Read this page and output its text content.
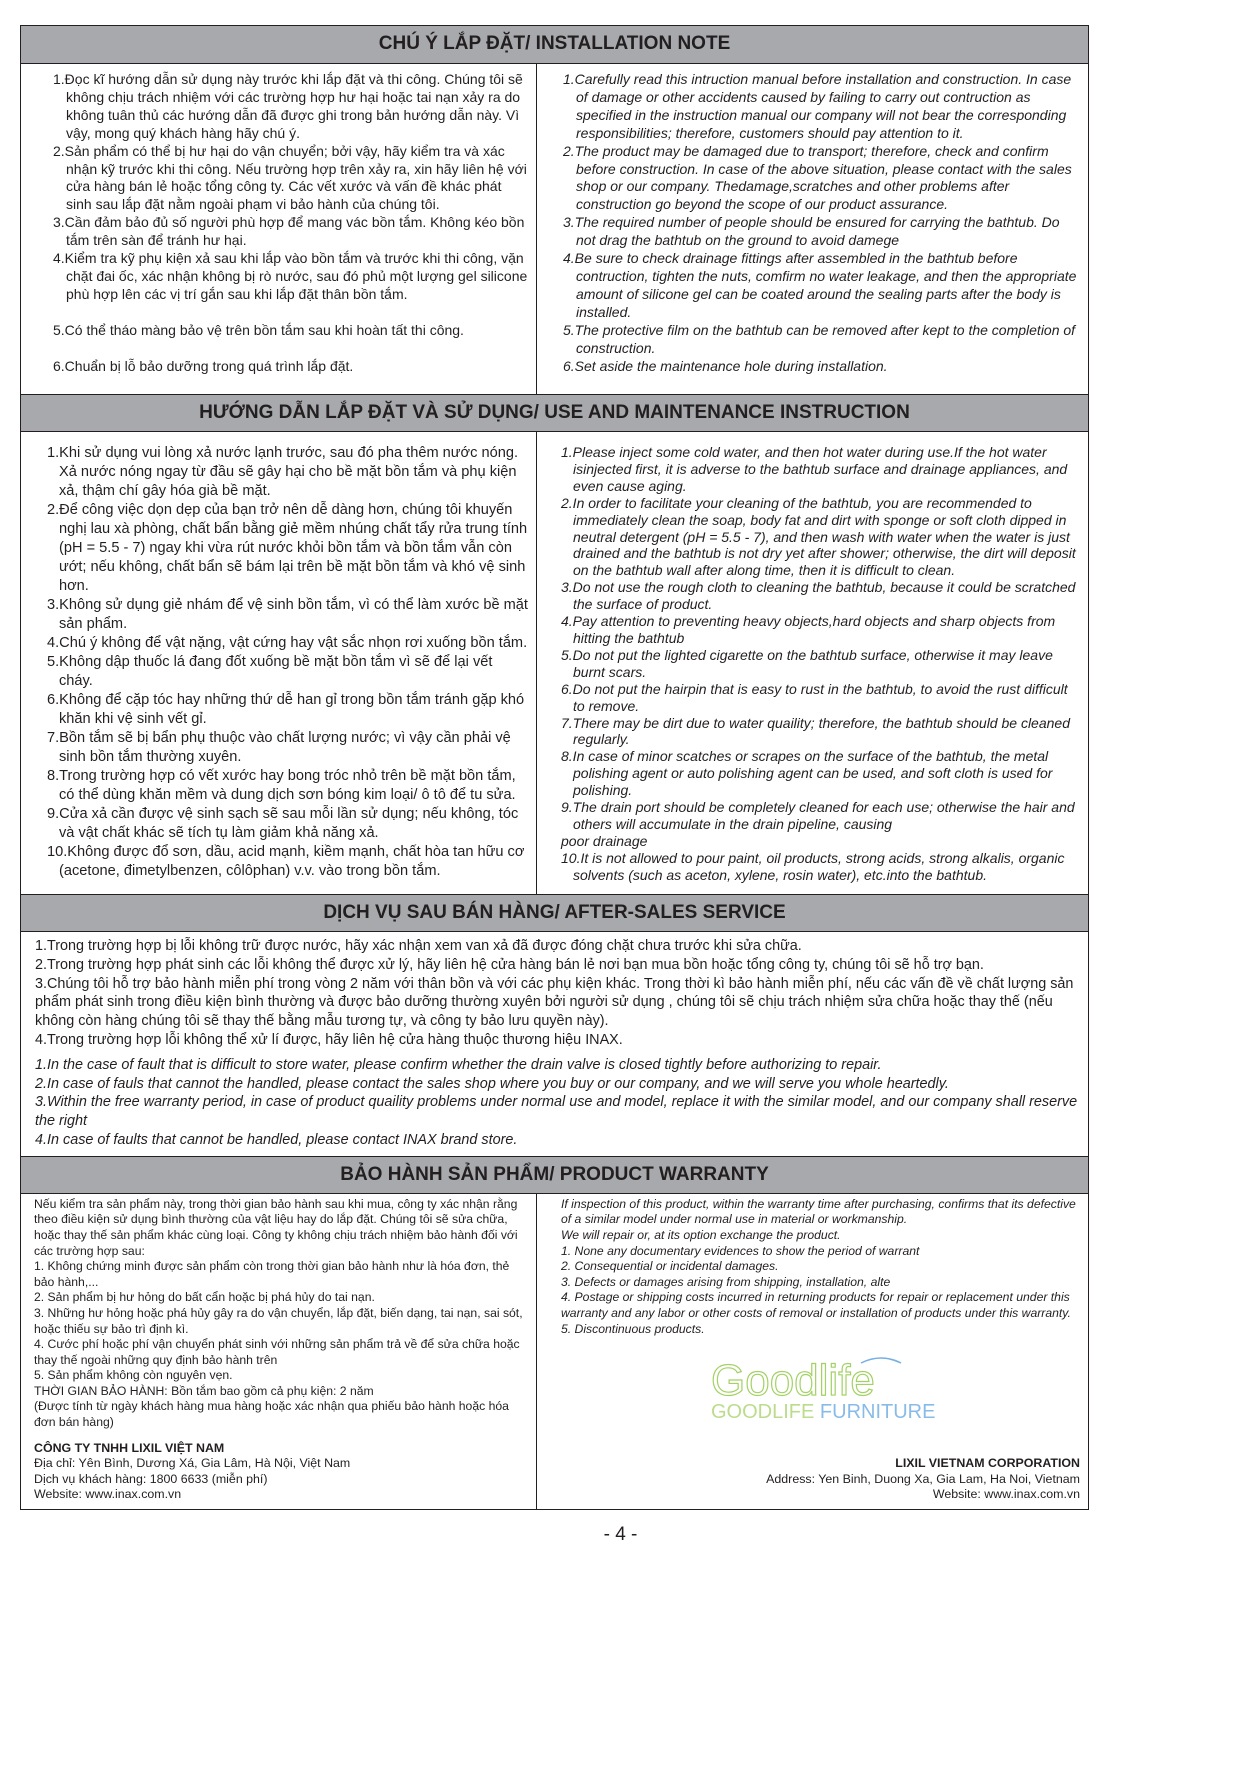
CHÚ Ý LẮP ĐẶT/ INSTALLATION NOTE
1.Đọc kĩ hướng dẫn sử dụng này trước khi lắp đặt và thi công. Chúng tôi sẽ không chịu trách nhiệm với các trường hợp hư hại hoặc tai nạn xảy ra do không tuân thủ các hướng dẫn đã được ghi trong bản hướng dẫn này. Vì vậy, mong quý khách hàng hãy chú ý.
2.Sản phẩm có thể bị hư hại do vận chuyển; bởi vậy, hãy kiểm tra và xác nhận kỹ trước khi thi công. Nếu trường hợp trên xảy ra, xin hãy liên hệ với cửa hàng bán lẻ hoặc tổng công ty. Các vết xước và vấn đề khác phát sinh sau lắp đặt nằm ngoài phạm vi bảo hành của chúng tôi.
3.Cần đảm bảo đủ số người phù hợp để mang vác bồn tắm. Không kéo bồn tắm trên sàn để tránh hư hại.
4.Kiểm tra kỹ phụ kiện xả sau khi lắp vào bồn tắm và trước khi thi công, vặn chặt đai ốc, xác nhận không bị rò nước, sau đó phủ một lượng gel silicone phù hợp lên các vị trí gắn sau khi lắp đặt thân bồn tắm.
5.Có thể tháo màng bảo vệ trên bồn tắm sau khi hoàn tất thi công.
6.Chuẩn bị lỗ bảo dưỡng trong quá trình lắp đặt.
1.Carefully read this intruction manual before installation and construction. In case of damage or other accidents caused by failing to carry out contruction as specified in the instruction manual our company will not bear the corresponding responsibilities; therefore, customers should pay attention to it.
2.The product may be damaged due to transport; therefore, check and confirm before construction. In case of the above situation, please contact with the sales shop or our company. Thedamage,scratches and other problems after construction go beyond the scope of our product assurance.
3.The required number of people should be ensured for carrying the bathtub. Do not drag the bathtub on the ground to avoid damege
4.Be sure to check drainage fittings after assembled in the bathtub before contruction, tighten the nuts, comfirm no water leakage, and then the appropriate amount of silicone gel can be coated around the sealing parts after the body is installed.
5.The protective film on the bathtub can be removed after kept to the completion of construction.
6.Set aside the maintenance hole during installation.
HƯỚNG DẪN LẮP ĐẶT VÀ SỬ DỤNG/ USE AND MAINTENANCE INSTRUCTION
1.Khi sử dụng vui lòng xả nước lạnh trước, sau đó pha thêm nước nóng. Xả nước nóng ngay từ đầu sẽ gây hại cho bề mặt bồn tắm và phụ kiện xả, thậm chí gây hóa già bề mặt.
2.Để công việc dọn dẹp của bạn trở nên dễ dàng hơn, chúng tôi khuyến nghị lau xà phòng, chất bẩn bằng giẻ mềm nhúng chất tẩy rửa trung tính (pH = 5.5 - 7) ngay khi vừa rút nước khỏi bồn tắm và bồn tắm vẫn còn ướt; nếu không, chất bẩn sẽ bám lại trên bề mặt bồn tắm và khó vệ sinh hơn.
3.Không sử dụng giẻ nhám để vệ sinh bồn tắm, vì có thể làm xước bề mặt sản phẩm.
4.Chú ý không để vật nặng, vật cứng hay vật sắc nhọn rơi xuống bồn tắm.
5.Không dập thuốc lá đang đốt xuống bề mặt bồn tắm vì sẽ để lại vết cháy.
6.Không để cặp tóc hay những thứ dễ han gỉ trong bồn tắm tránh gặp khó khăn khi vệ sinh vết gỉ.
7.Bồn tắm sẽ bị bẩn phụ thuộc vào chất lượng nước; vì vậy cần phải vệ sinh bồn tắm thường xuyên.
8.Trong trường hợp có vết xước hay bong tróc nhỏ trên bề mặt bồn tắm, có thể dùng khăn mềm và dung dịch sơn bóng kim loại/ ô tô để tu sửa.
9.Cửa xả cần được vệ sinh sạch sẽ sau mỗi lần sử dụng; nếu không, tóc và vật chất khác sẽ tích tụ làm giảm khả năng xả.
10.Không được đổ sơn, dầu, acid mạnh, kiềm mạnh, chất hòa tan hữu cơ (acetone, đimetylbenzen, côlôphan) v.v. vào trong bồn tắm.
1.Please inject some cold water, and then hot water during use.If the hot water isinjected first, it is adverse to the bathtub surface and drainage appliances, and even cause aging.
2.In order to facilitate your cleaning of the bathtub, you are recommended to immediately clean the soap, body fat and dirt with sponge or soft cloth dipped in neutral detergent (pH = 5.5 - 7), and then wash with water when the water is just drained and the bathtub is not dry yet after shower; otherwise, the dirt will deposit on the bathtub wall after along time, then it is difficult to clean.
3.Do not use the rough cloth to cleaning the bathtub, because it could be scratched the surface of product.
4.Pay attention to preventing heavy objects,hard objects and sharp objects from hitting the bathtub
5.Do not put the lighted cigarette on the bathtub surface, otherwise it may leave burnt scars.
6.Do not put the hairpin that is easy to rust in the bathtub, to avoid the rust difficult to remove.
7.There may be dirt due to water quaility; therefore, the bathtub should be cleaned regularly.
8.In case of minor scatches or scrapes on the surface of the bathtub, the metal polishing agent or auto polishing agent can be used, and soft cloth is used for polishing.
9.The drain port should be completely cleaned for each use; otherwise the hair and others will accumulate in the drain pipeline, causing
poor drainage
10.It is not allowed to pour paint, oil products, strong acids, strong alkalis, organic solvents (such as aceton, xylene, rosin water), etc.into the bathtub.
DỊCH VỤ SAU BÁN HÀNG/ AFTER-SALES SERVICE
1.Trong trường hợp bị lỗi không trữ được nước, hãy xác nhận xem van xả đã được đóng chặt chưa trước khi sửa chữa.
2.Trong trường hợp phát sinh các lỗi không thể được xử lý, hãy liên hệ cửa hàng bán lẻ nơi bạn mua bồn hoặc tổng công ty, chúng tôi sẽ hỗ trợ bạn.
3.Chúng tôi hỗ trợ bảo hành miễn phí trong vòng 2 năm với thân bồn và với các phụ kiện khác. Trong thời kì bảo hành miễn phí, nếu các vấn đề về chất lượng sản phẩm phát sinh trong điều kiện bình thường và được bảo dưỡng thường xuyên bởi người sử dụng , chúng tôi sẽ chịu trách nhiệm sửa chữa hoặc thay thế (nếu không còn hàng chúng tôi sẽ thay thế bằng mẫu tương tự, và công ty bảo lưu quyền này).
4.Trong trường hợp lỗi không thể xử lí được, hãy liên hệ cửa hàng thuộc thương hiệu INAX.
1.In the case of fault that is difficult to store water, please confirm whether the drain valve is closed tightly before authorizing to repair.
2.In case of fauls that cannot the handled, please contact the sales shop where you buy or our company, and we will serve you whole heartedly.
3.Within the free warranty period, in case of product quaility problems under normal use and model, replace it with the similar model, and our company shall reserve the right
4.In case of faults that cannot be handled, please contact INAX brand store.
BẢO HÀNH SẢN PHẨM/ PRODUCT WARRANTY
Nếu kiểm tra sản phẩm này, trong thời gian bảo hành sau khi mua, công ty xác nhận rằng theo điều kiện sử dụng bình thường của vật liệu hay do lắp đặt. Chúng tôi sẽ sửa chữa, hoặc thay thế sản phẩm khác cùng loại. Công ty không chịu trách nhiệm bảo hành đối với các trường hợp sau:
1. Không chứng minh được sản phẩm còn trong thời gian bảo hành như là hóa đơn, thẻ bảo hành,...
2. Sản phẩm bị hư hỏng do bất cẩn hoặc bị phá hủy do tai nạn.
3. Những hư hỏng hoặc phá hủy gây ra do vận chuyển, lắp đặt, biến dạng, tai nạn, sai sót, hoặc thiếu sự bảo trì định kì.
4. Cước phí hoặc phí vận chuyển phát sinh với những sản phẩm trả về để sửa chữa hoặc thay thế ngoài những quy định bảo hành trên
5. Sản phẩm không còn nguyên vẹn.
THỜI GIAN BẢO HÀNH: Bồn tắm bao gồm cả phụ kiện: 2 năm
(Được tính từ ngày khách hàng mua hàng hoặc xác nhận qua phiếu bảo hành hoặc hóa đơn bán hàng)
CÔNG TY TNHH LIXIL VIỆT NAM
Địa chỉ: Yên Bình, Dương Xá, Gia Lâm, Hà Nội, Việt Nam
Dịch vụ khách hàng: 1800 6633 (miễn phí)
Website: www.inax.com.vn
If inspection of this product, within the warranty time after purchasing, confirms that its defective of a similar model under normal use in material or workmanship.
We will repair or, at its option exchange the product.
1. None any documentary evidences to show the period of warrant
2. Consequential or incidental damages.
3. Defects or damages arising from shipping, installation, alte
4. Postage or shipping costs incurred in returning products for repair or replacement under this warranty and any labor or other costs of removal or installation of products under this warranty.
5. Discontinuous products.
Goodlife
GOODLIFE FURNITURE
LIXIL VIETNAM CORPORATION
Address: Yen Binh, Duong Xa, Gia Lam, Ha Noi, Vietnam
Website: www.inax.com.vn
- 4 -
